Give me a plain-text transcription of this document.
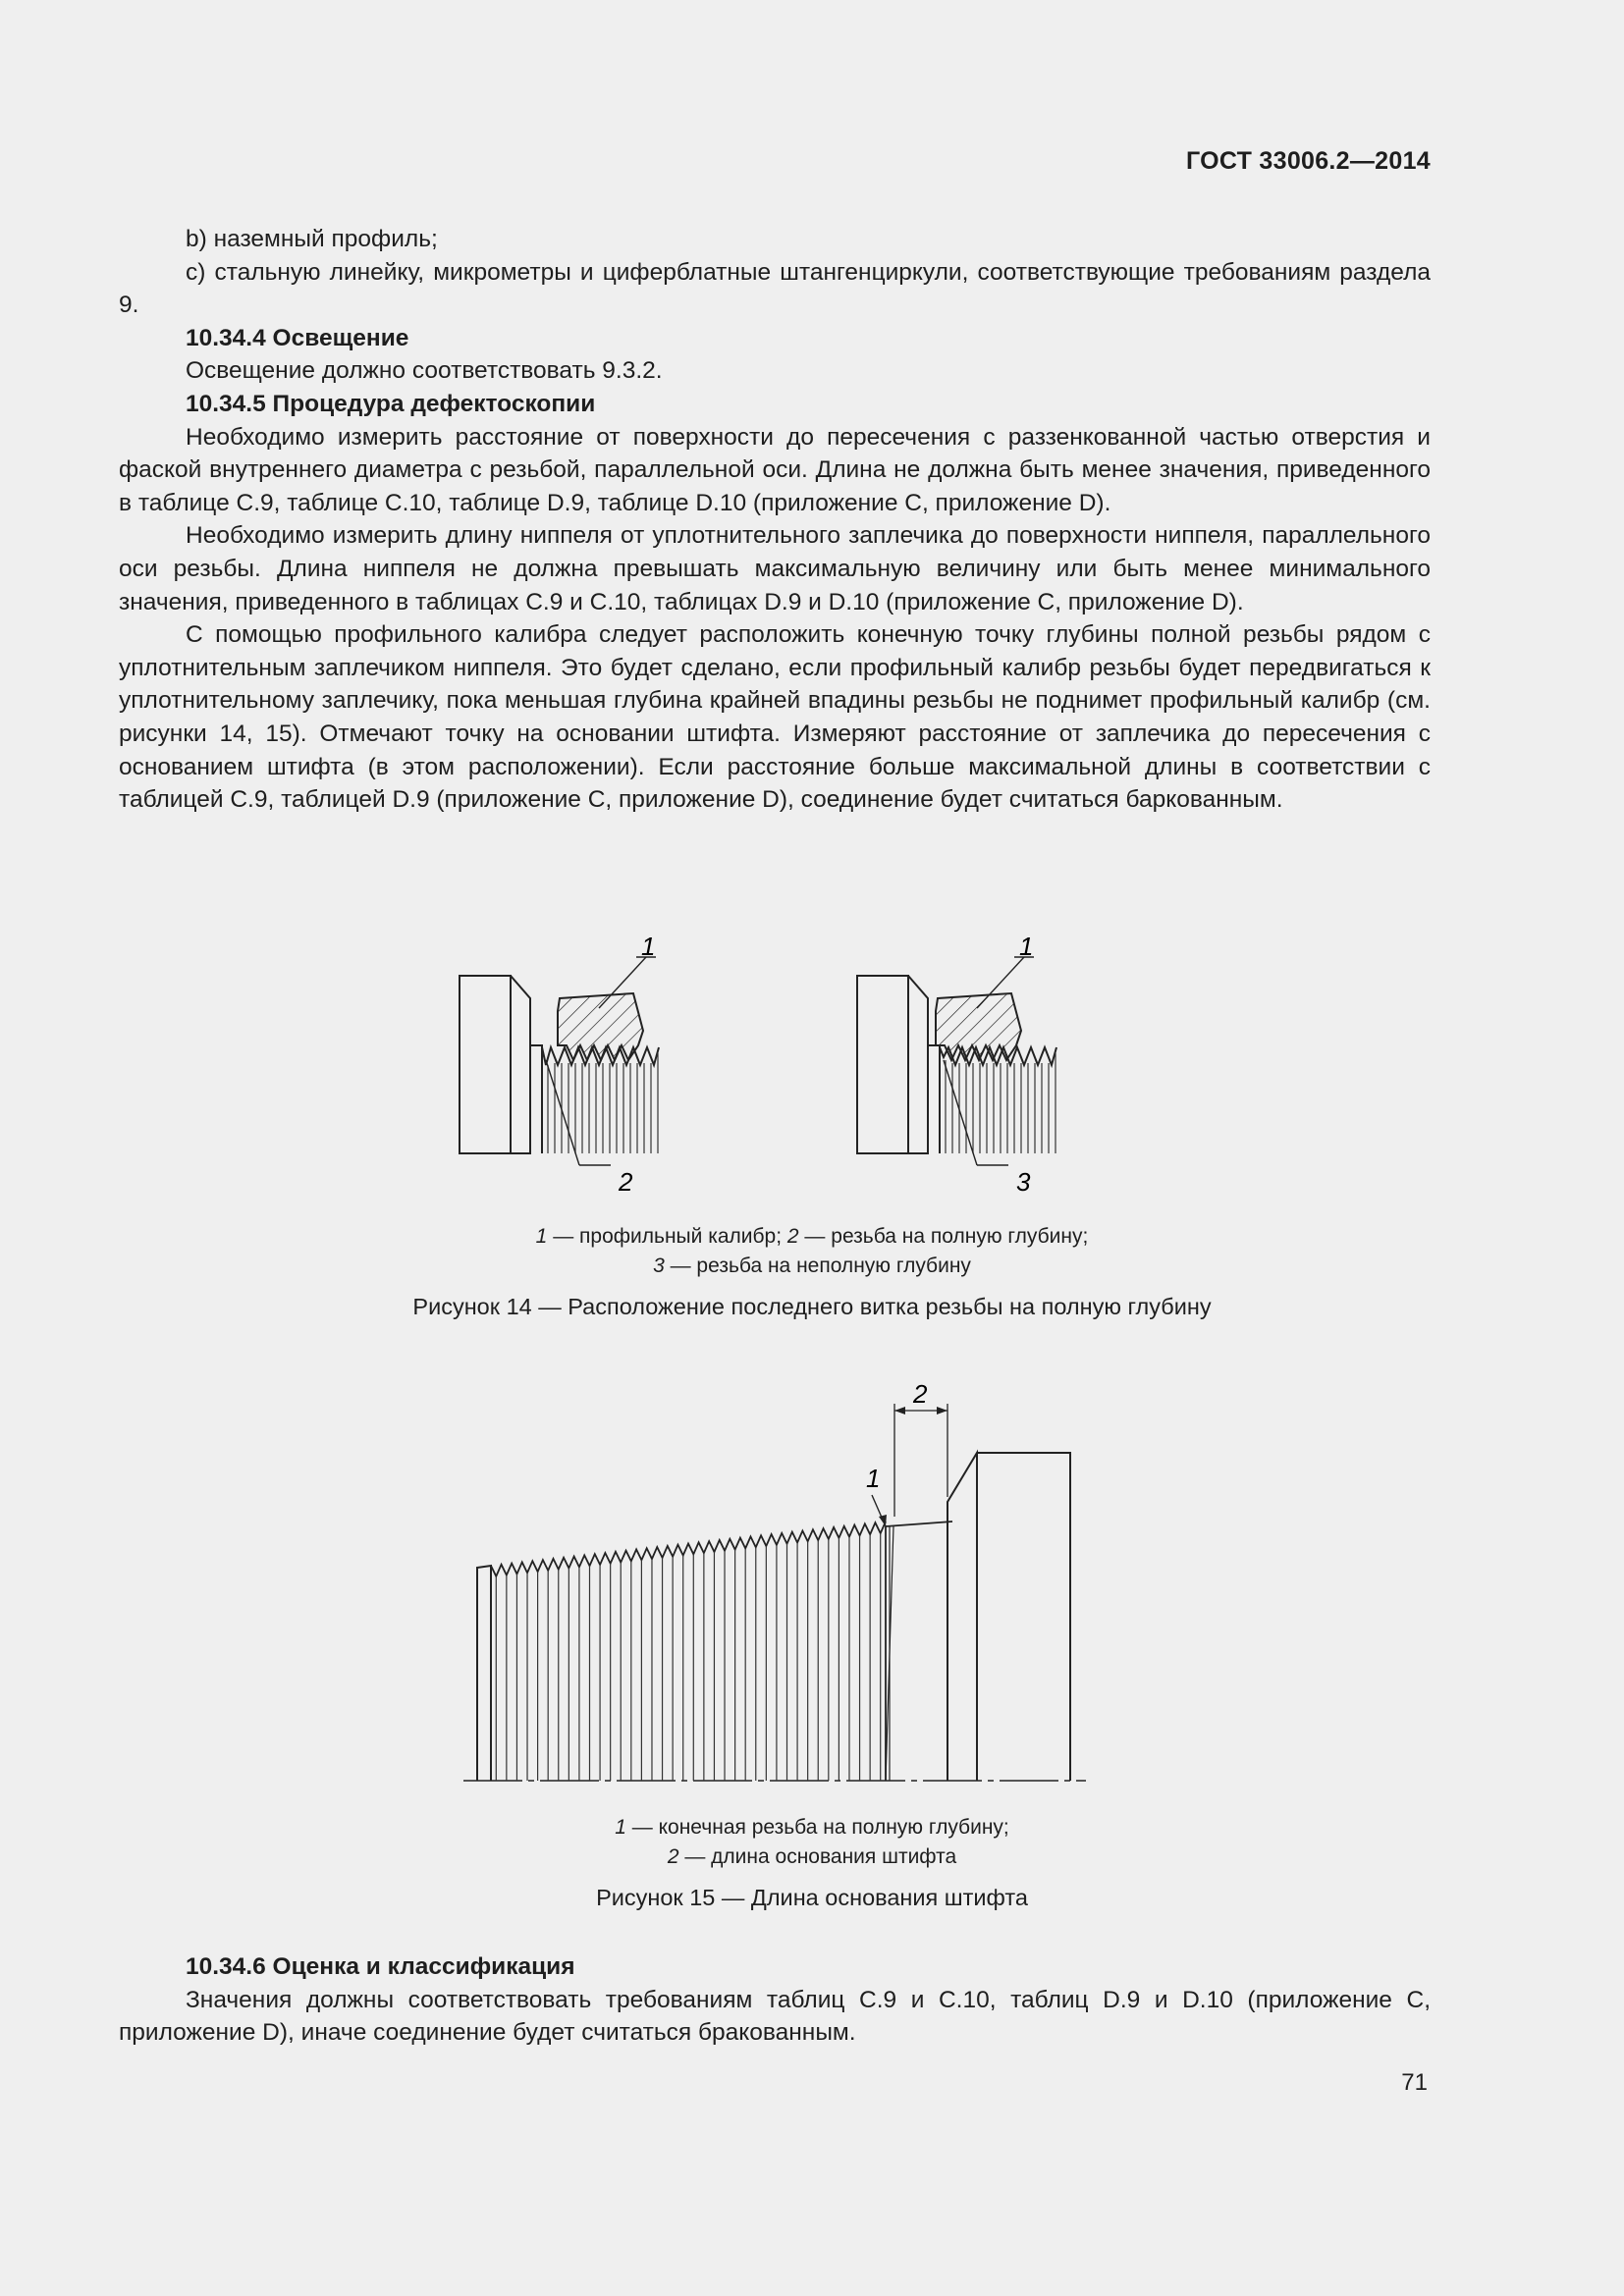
ГОСТ 33006.2—2014

b) наземный профиль;

c) стальную линейку, микрометры и циферблатные штангенциркули, соответствующие требованиям раздела 9.

10.34.4 Освещение

Освещение должно соответствовать 9.3.2.

10.34.5 Процедура дефектоскопии

Необходимо измерить расстояние от поверхности до пересечения с раззенкованной частью отверстия и фаской внутреннего диаметра с резьбой, параллельной оси. Длина не должна быть менее значения, приведенного в таблице C.9, таблице C.10, таблице D.9, таблице D.10 (приложение C, приложение D).

Необходимо измерить длину ниппеля от уплотнительного заплечика до поверхности ниппеля, параллельного оси резьбы. Длина ниппеля не должна превышать максимальную величину или быть менее минимального значения, приведенного в таблицах C.9 и C.10, таблицах D.9 и D.10 (приложение C, приложение D).

С помощью профильного калибра следует расположить конечную точку глубины полной резьбы рядом с уплотнительным заплечиком ниппеля. Это будет сделано, если профильный калибр резьбы будет передвигаться к уплотнительному заплечику, пока меньшая глубина крайней впадины резьбы не поднимет профильный калибр (см. рисунки 14, 15). Отмечают точку на основании штифта. Измеряют расстояние от заплечика до пересечения с основанием штифта (в этом расположении). Если расстояние больше максимальной длины в соответствии с таблицей C.9, таблицей D.9 (приложение C, приложение D), соединение будет считаться баркованным.

1
2
1
3
1 — профильный калибр; 2 — резьба на полную глубину;
3 — резьба на неполную глубину
Рисунок 14 — Расположение последнего витка резьбы на полную глубину
2
1
1 — конечная резьба на полную глубину;
2 — длина основания штифта
Рисунок 15 — Длина основания штифта

10.34.6 Оценка и классификация

Значения должны соответствовать требованиям таблиц C.9 и C.10, таблиц D.9 и D.10 (приложение C, приложение D), иначе соединение будет считаться бракованным.

71
